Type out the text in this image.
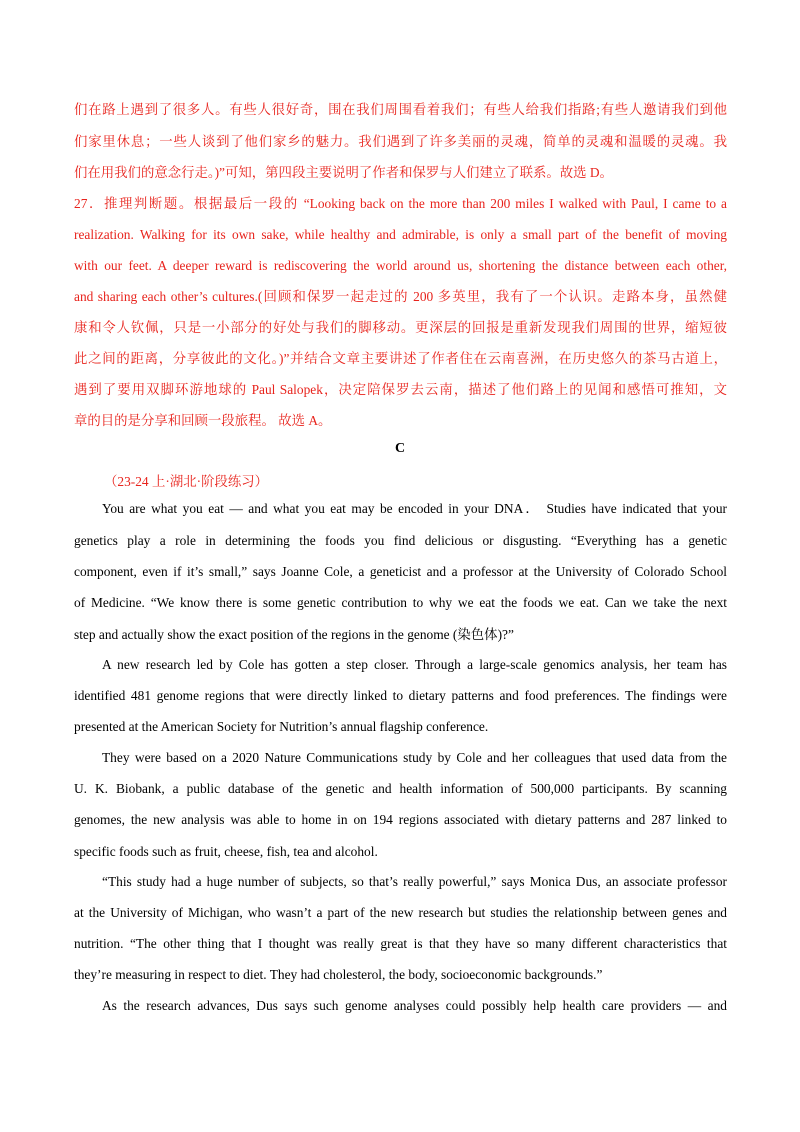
们在路上遇到了很多人。有些人很好奇，围在我们周围看着我们；有些人给我们指路;有些人邀请我们到他
们家里休息；一些人谈到了他们家乡的魅力。我们遇到了许多美丽的灵魂，简单的灵魂和温暖的灵魂。我
们在用我们的意念行走。)”可知，第四段主要说明了作者和保罗与人们建立了联系。故选 D。
27．推理判断题。根据最后一段的 “Looking back on the more than 200 miles I walked with Paul, I came to a
realization. Walking for its own sake, while healthy and admirable, is only a small part of the benefit of moving
with our feet. A deeper reward is rediscovering the world around us, shortening the distance between each other,
and sharing each other’s cultures.(回顾和保罗一起走过的 200 多英里，我有了一个认识。走路本身，虽然健
康和令人钦佩，只是一小部分的好处与我们的脚移动。更深层的回报是重新发现我们周围的世界，缩短彼
此之间的距离，分享彼此的文化。)”并结合文章主要讲述了作者住在云南喜洲，在历史悠久的茶马古道上，
遇到了要用双脚环游地球的 Paul Salopek，决定陪保罗去云南，描述了他们路上的见闻和感悟可推知，文
章的目的是分享和回顾一段旅程。 故选 A。
C
（23-24 上·湖北·阶段练习）
You are what you eat — and what you eat may be encoded in your DNA． Studies have indicated that your
genetics play a role in determining the foods you find delicious or disgusting. “Everything has a genetic
component, even if it’s small,” says Joanne Cole, a geneticist and a professor at the University of Colorado School
of Medicine. “We know there is some genetic contribution to why we eat the foods we eat. Can we take the next
step and actually show the exact position of the regions in the genome (染色体)?”
A new research led by Cole has gotten a step closer. Through a large-scale genomics analysis, her team has
identified 481 genome regions that were directly linked to dietary patterns and food preferences. The findings were
presented at the American Society for Nutrition’s annual flagship conference.
They were based on a 2020 Nature Communications study by Cole and her colleagues that used data from the
U. K. Biobank, a public database of the genetic and health information of 500,000 participants. By scanning
genomes, the new analysis was able to home in on 194 regions associated with dietary patterns and 287 linked to
specific foods such as fruit, cheese, fish, tea and alcohol.
“This study had a huge number of subjects, so that’s really powerful,” says Monica Dus, an associate professor
at the University of Michigan, who wasn’t a part of the new research but studies the relationship between genes and
nutrition. “The other thing that I thought was really great is that they have so many different characteristics that
they’re measuring in respect to diet. They had cholesterol, the body, socioeconomic backgrounds.”
As the research advances, Dus says such genome analyses could possibly help health care providers — and
